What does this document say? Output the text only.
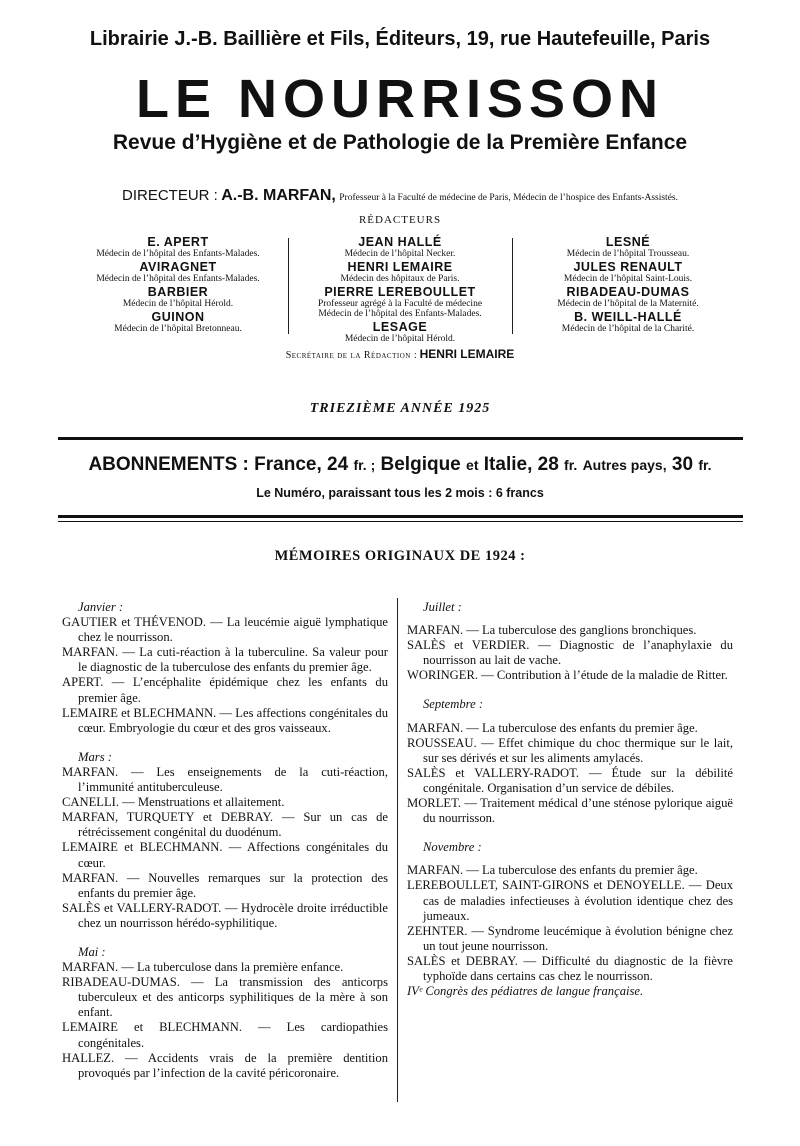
Librairie J.-B. Baillière et Fils, Éditeurs, 19, rue Hautefeuille, Paris
LE NOURRISSON
Revue d’Hygiène et de Pathologie de la Première Enfance
DIRECTEUR : A.-B. MARFAN, Professeur à la Faculté de médecine de Paris, Médecin de l’hospice des Enfants-Assistés.
RÉDACTEURS
E. APERT
Médecin de l’hôpital des Enfants-Malades.
AVIRAGNET
Médecin de l’hôpital des Enfants-Malades.
BARBIER
Médecin de l’hôpital Hérold.
GUINON
Médecin de l’hôpital Bretonneau.
JEAN HALLÉ
Médecin de l’hôpital Necker.
HENRI LEMAIRE
Médecin des hôpitaux de Paris.
PIERRE LEREBOULLET
Professeur agrégé à la Faculté de médecine
Médecin de l’hôpital des Enfants-Malades.
LESAGE
Médecin de l’hôpital Hérold.
LESNÉ
Médecin de l’hôpital Trousseau.
JULES RENAULT
Médecin de l’hôpital Saint-Louis.
RIBADEAU-DUMAS
Médecin de l’hôpital de la Maternité.
B. WEILL-HALLÉ
Médecin de l’hôpital de la Charité.
Secrétaire de la Rédaction : HENRI LEMAIRE
TRIEZIÈME ANNÉE 1925
ABONNEMENTS : France, 24 fr. ; Belgique et Italie, 28 fr. Autres pays, 30 fr.
Le Numéro, paraissant tous les 2 mois : 6 francs
MÉMOIRES ORIGINAUX DE 1924 :
Janvier :
GAUTIER et THÉVENOD. — La leucémie aiguë lymphatique chez le nourrisson.
MARFAN. — La cuti-réaction à la tuberculine. Sa valeur pour le diagnostic de la tuberculose des enfants du premier âge.
APERT. — L’encéphalite épidémique chez les enfants du premier âge.
LEMAIRE et BLECHMANN. — Les affections congénitales du cœur. Embryologie du cœur et des gros vaisseaux.
Mars :
MARFAN. — Les enseignements de la cuti-réaction, l’immunité antituberculeuse.
CANELLI. — Menstruations et allaitement.
MARFAN, TURQUETY et DEBRAY. — Sur un cas de rétrécissement congénital du duodénum.
LEMAIRE et BLECHMANN. — Affections congénitales du cœur.
MARFAN. — Nouvelles remarques sur la protection des enfants du premier âge.
SALÈS et VALLERY-RADOT. — Hydrocèle droite irréductible chez un nourrisson hérédo-syphilitique.
Mai :
MARFAN. — La tuberculose dans la première enfance.
RIBADEAU-DUMAS. — La transmission des anticorps tuberculeux et des anticorps syphilitiques de la mère à son enfant.
LEMAIRE et BLECHMANN. — Les cardiopathies congénitales.
HALLEZ. — Accidents vrais de la première dentition provoqués par l’infection de la cavité péricoronaire.
Juillet :
MARFAN. — La tuberculose des ganglions bronchiques.
SALÈS et VERDIER. — Diagnostic de l’anaphylaxie du nourrisson au lait de vache.
WORINGER. — Contribution à l’étude de la maladie de Ritter.
Septembre :
MARFAN. — La tuberculose des enfants du premier âge.
ROUSSEAU. — Effet chimique du choc thermique sur le lait, sur ses dérivés et sur les aliments amylacés.
SALÈS et VALLERY-RADOT. — Étude sur la débilité congénitale. Organisation d’un service de débiles.
MORLET. — Traitement médical d’une sténose pylorique aiguë du nourrisson.
Novembre :
MARFAN. — La tuberculose des enfants du premier âge.
LEREBOULLET, SAINT-GIRONS et DENOYELLE. — Deux cas de maladies infectieuses à évolution identique chez des jumeaux.
ZEHNTER. — Syndrome leucémique à évolution bénigne chez un tout jeune nourrisson.
SALÈS et DEBRAY. — Difficulté du diagnostic de la fièvre typhoïde dans certains cas chez le nourrisson.
IVᵉ Congrès des pédiatres de langue française.
